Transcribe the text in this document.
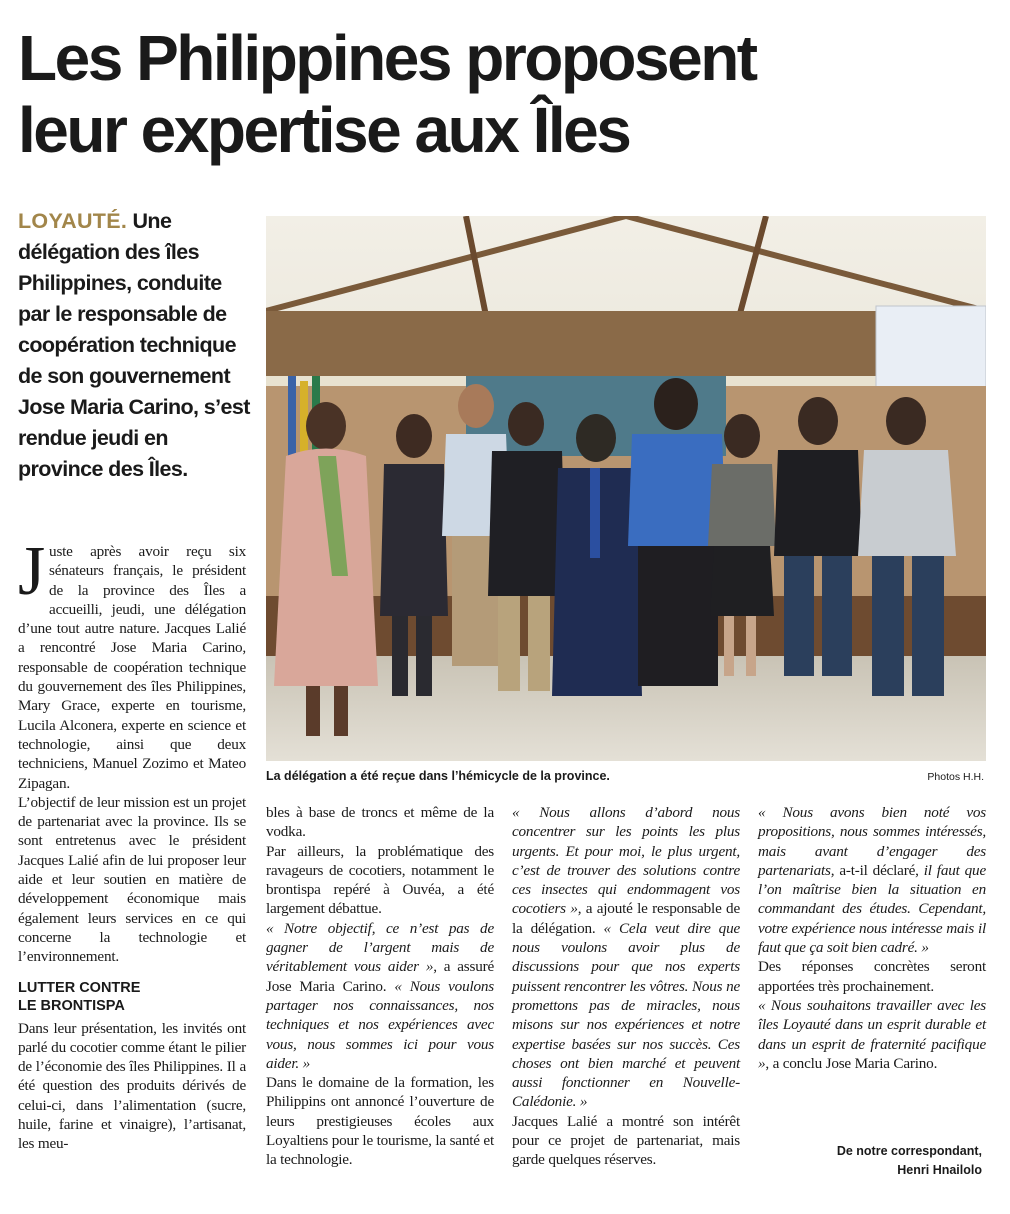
Les Philippines proposent
leur expertise aux Îles
LOYAUTÉ. Une délégation des îles Philippines, conduite par le responsable de coopération technique de son gouvernement Jose Maria Carino, s’est rendue jeudi en province des Îles.
La délégation a été reçue dans l’hémicycle de la province.	Photos H.H.

Juste après avoir reçu six sénateurs français, le président de la province des Îles a accueilli, jeudi, une délégation d’une tout autre nature. Jacques Lalié a rencontré Jose Maria Carino, responsable de coopération technique du gouvernement des îles Philippines, Mary Grace, experte en tourisme, Lucila Alconera, experte en science et technologie, ainsi que deux techniciens, Manuel Zozimo et Mateo Zipagan.

L’objectif de leur mission est un projet de partenariat avec la province. Ils se sont entretenus avec le président Jacques Lalié afin de lui proposer leur aide et leur soutien en matière de développement économique mais également leurs services en ce qui concerne la technologie et l’environnement.

LUTTER CONTRE
LE BRONTISPA

Dans leur présentation, les invités ont parlé du cocotier comme étant le pilier de l’économie des îles Philippines. Il a été question des produits dérivés de celui-ci, dans l’alimentation (sucre, huile, farine et vinaigre), l’artisanat, les meu-

bles à base de troncs et même de la vodka.

Par ailleurs, la problématique des ravageurs de cocotiers, notamment le brontispa repéré à Ouvéa, a été largement débattue.

« Notre objectif, ce n’est pas de gagner de l’argent mais de véritablement vous aider », a assuré Jose Maria Carino. « Nous voulons partager nos connaissances, nos techniques et nos expériences avec vous, nous sommes ici pour vous aider. »

Dans le domaine de la formation, les Philippins ont annoncé l’ouverture de leurs prestigieuses écoles aux Loyaltiens pour le tourisme, la santé et la technologie.

« Nous allons d’abord nous concentrer sur les points les plus urgents. Et pour moi, le plus urgent, c’est de trouver des solutions contre ces insectes qui endommagent vos cocotiers », a ajouté le responsable de la délégation. « Cela veut dire que nous voulons avoir plus de discussions pour que nos experts puissent rencontrer les vôtres. Nous ne promettons pas de miracles, nous misons sur nos expériences et notre expertise basées sur nos succès. Ces choses ont bien marché et peuvent aussi fonctionner en Nouvelle-Calédonie. »

Jacques Lalié a montré son intérêt pour ce projet de partenariat, mais garde quelques réserves.

« Nous avons bien noté vos propositions, nous sommes intéressés, mais avant d’engager des partenariats, a-t-il déclaré, il faut que l’on maîtrise bien la situation en commandant des études. Cependant, votre expérience nous intéresse mais il faut que ça soit bien cadré. »

Des réponses concrètes seront apportées très prochainement.

« Nous souhaitons travailler avec les îles Loyauté dans un esprit durable et dans un esprit de fraternité pacifique », a conclu Jose Maria Carino.

De notre correspondant,
Henri Hnailolo
